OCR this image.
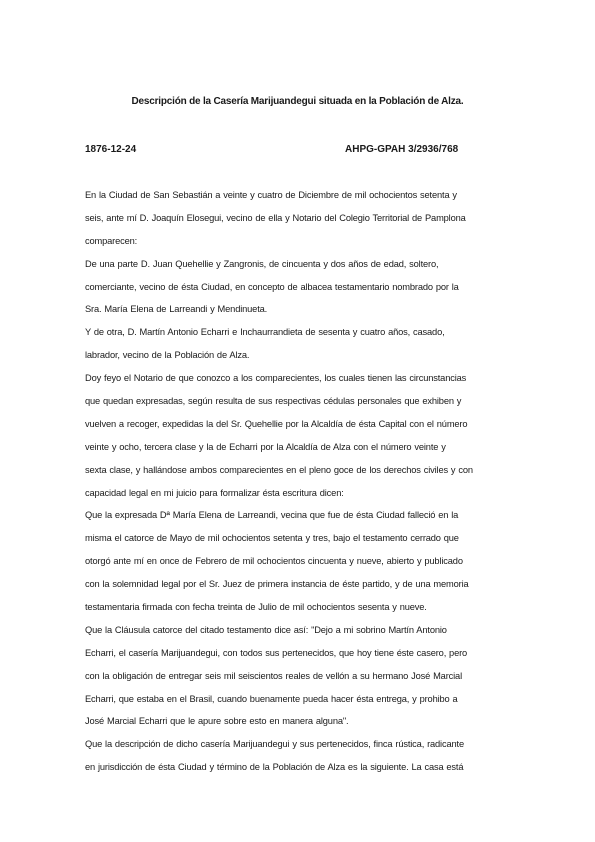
Descripción de la Casería Marijuandegui situada en la Población de Alza.
1876-12-24	AHPG-GPAH 3/2936/768
En la Ciudad de San Sebastián a veinte y cuatro de Diciembre de mil ochocientos setenta y
seis, ante mí D. Joaquín Elosegui, vecino de ella y Notario del Colegio Territorial de Pamplona
comparecen:
De una parte D. Juan Quehellie y Zangronis, de cincuenta y dos años de edad, soltero,
comerciante, vecino de ésta Ciudad, en concepto de albacea testamentario nombrado por la
Sra. María Elena de Larreandi y Mendinueta.
Y de otra, D. Martín Antonio Echarri e Inchaurrandieta de sesenta y cuatro años, casado,
labrador, vecino de la Población de Alza.
Doy feyo el Notario de que conozco a los comparecientes, los cuales tienen las circunstancias
que quedan expresadas, según resulta de sus respectivas cédulas personales que exhiben y
vuelven a recoger, expedidas la del Sr. Quehellie por la Alcaldía de ésta Capital con el número
veinte y ocho, tercera clase y la de Echarri por la Alcaldía de Alza con el número veinte y
sexta clase, y hallándose ambos comparecientes en el pleno goce de los derechos civiles y con
capacidad legal en mi juicio para formalizar ésta escritura dicen:
Que la expresada Dª María Elena de Larreandi, vecina que fue de ésta Ciudad falleció en la
misma el catorce de Mayo de mil ochocientos setenta y tres, bajo el testamento cerrado que
otorgó ante mí en once de Febrero de mil ochocientos cincuenta y nueve, abierto y publicado
con la solemnidad legal por el Sr. Juez de primera instancia de éste partido, y de una memoria
testamentaria firmada con fecha treinta de Julio de mil ochocientos sesenta y nueve.
Que la Cláusula catorce del citado testamento dice así: "Dejo a mi sobrino Martín Antonio
Echarri, el casería Marijuandegui, con todos sus pertenecidos, que hoy tiene éste casero, pero
con la obligación de entregar seis mil seiscientos reales de vellón a su hermano José Marcial
Echarri, que estaba en el Brasil, cuando buenamente pueda hacer ésta entrega, y prohibo a
José Marcial Echarri que le apure sobre esto en manera alguna".
Que la descripción de dicho casería Marijuandegui y sus pertenecidos, finca rústica, radicante
en jurisdicción de ésta Ciudad y término de la Población de Alza es la siguiente. La casa está
